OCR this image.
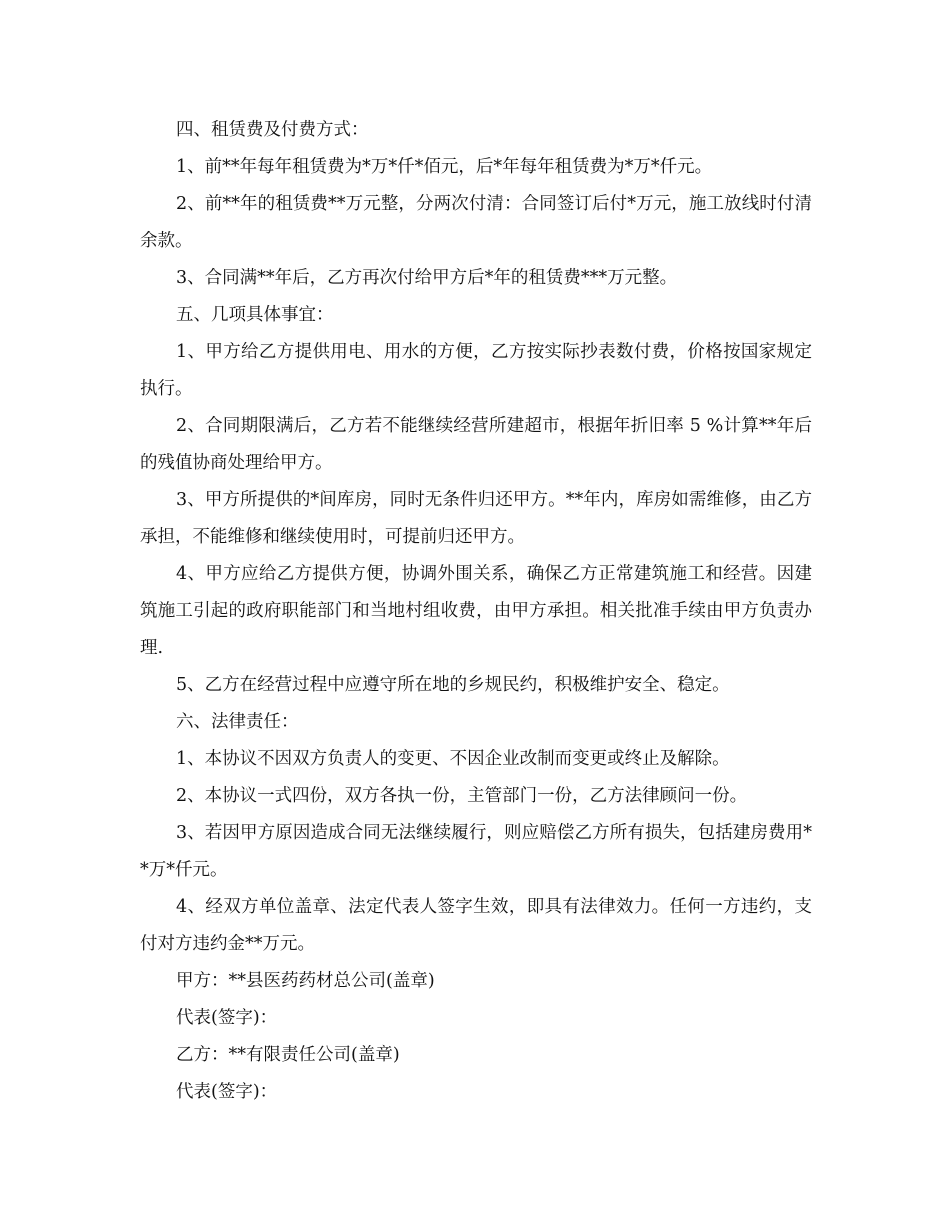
四、租赁费及付费方式：

1、前**年每年租赁费为*万*仟*佰元，后*年每年租赁费为*万*仟元。

2、前**年的租赁费**万元整，分两次付清：合同签订后付*万元，施工放线时付清余款。

3、合同满**年后，乙方再次付给甲方后*年的租赁费***万元整。

五、几项具体事宜：

1、甲方给乙方提供用电、用水的方便，乙方按实际抄表数付费，价格按国家规定执行。

2、合同期限满后，乙方若不能继续经营所建超市，根据年折旧率 5 %计算**年后的残值协商处理给甲方。

3、甲方所提供的*间库房，同时无条件归还甲方。**年内，库房如需维修，由乙方承担，不能维修和继续使用时，可提前归还甲方。

4、甲方应给乙方提供方便，协调外围关系，确保乙方正常建筑施工和经营。因建筑施工引起的政府职能部门和当地村组收费，由甲方承担。相关批准手续由甲方负责办理.

5、乙方在经营过程中应遵守所在地的乡规民约，积极维护安全、稳定。

六、法律责任：

1、本协议不因双方负责人的变更、不因企业改制而变更或终止及解除。

2、本协议一式四份，双方各执一份，主管部门一份，乙方法律顾问一份。

3、若因甲方原因造成合同无法继续履行，则应赔偿乙方所有损失，包括建房费用**万*仟元。

4、经双方单位盖章、法定代表人签字生效，即具有法律效力。任何一方违约，支付对方违约金**万元。

甲方：**县医药药材总公司(盖章)

代表(签字)：

乙方：**有限责任公司(盖章)

代表(签字)：
